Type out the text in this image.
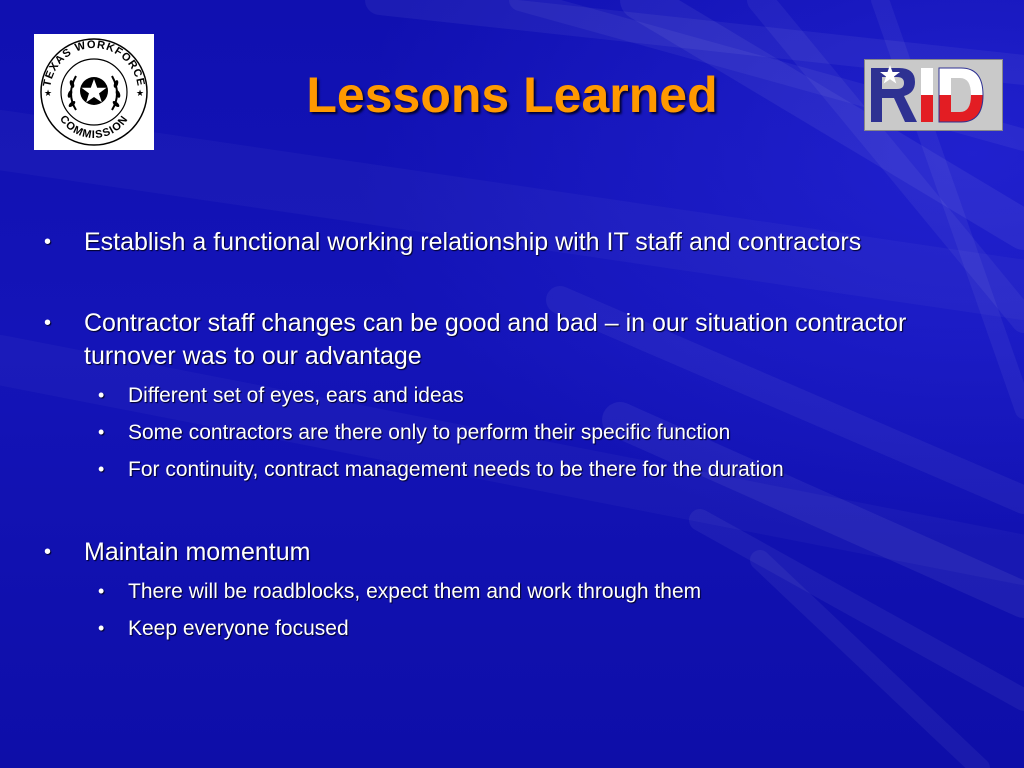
TEXAS WORKFORCE
COMMISSION
★	★	Lessons Learned
• Establish a functional working relationship with IT staff and contractors
• Contractor staff changes can be good and bad – in our situation contractor turnover was to our advantage
• Different set of eyes, ears and ideas
• Some contractors are there only to perform their specific function
• For continuity, contract management needs to be there for the duration
• Maintain momentum
• There will be roadblocks, expect them and work through them
• Keep everyone focused
